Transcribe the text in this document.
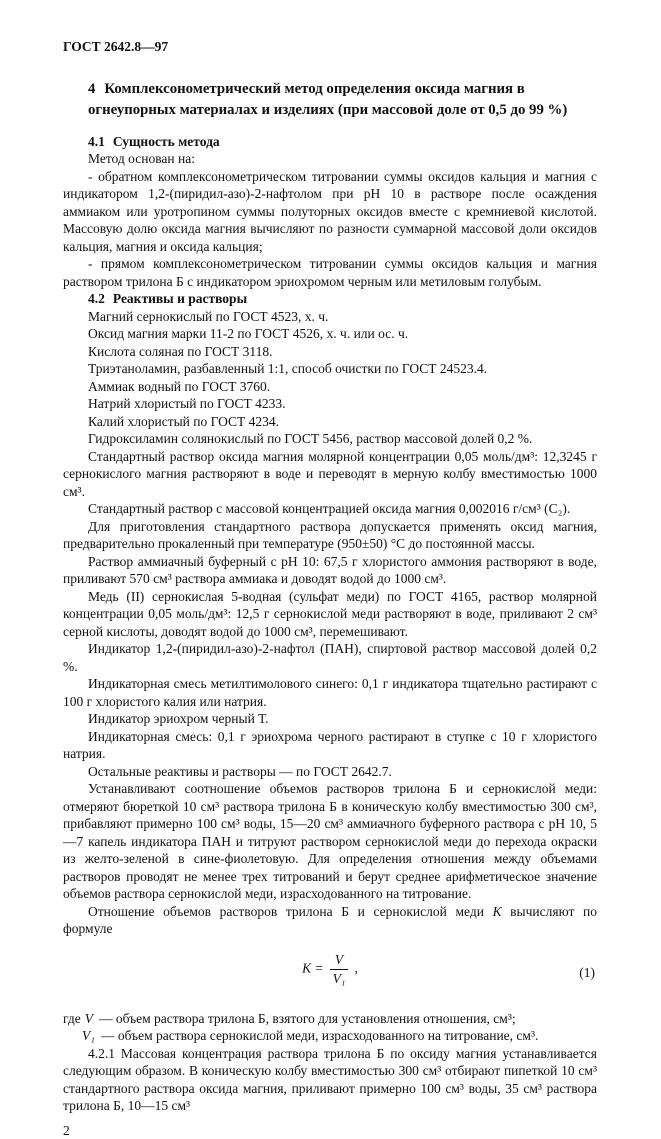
ГОСТ 2642.8—97
4 Комплексонометрический метод определения оксида магния в огнеупорных материалах и изделиях (при массовой доле от 0,5 до 99 %)

4.1 Сущность метода

Метод основан на:

- обратном комплексонометрическом титровании суммы оксидов кальция и магния с индикатором 1,2-(пиридил-азо)-2-нафтолом при рН 10 в растворе после осаждения аммиаком или уротропином суммы полуторных оксидов вместе с кремниевой кислотой. Массовую долю оксида магния вычисляют по разности суммарной массовой доли оксидов кальция, магния и оксида кальция;

- прямом комплексонометрическом титровании суммы оксидов кальция и магния раствором трилона Б с индикатором эриохромом черным или метиловым голубым.

4.2 Реактивы и растворы

Магний сернокислый по ГОСТ 4523, х. ч.

Оксид магния марки 11-2 по ГОСТ 4526, х. ч. или ос. ч.

Кислота соляная по ГОСТ 3118.

Триэтаноламин, разбавленный 1:1, способ очистки по ГОСТ 24523.4.

Аммиак водный по ГОСТ 3760.

Натрий хлористый по ГОСТ 4233.

Калий хлористый по ГОСТ 4234.

Гидроксиламин солянокислый по ГОСТ 5456, раствор массовой долей 0,2 %.

Стандартный раствор оксида магния молярной концентрации 0,05 моль/дм³: 12,3245 г сернокислого магния растворяют в воде и переводят в мерную колбу вместимостью 1000 см³.

Стандартный раствор с массовой концентрацией оксида магния 0,002016 г/см³ (С₂).

Для приготовления стандартного раствора допускается применять оксид магния, предварительно прокаленный при температуре (950±50) °С до постоянной массы.

Раствор аммиачный буферный с рН 10: 67,5 г хлористого аммония растворяют в воде, приливают 570 см³ раствора аммиака и доводят водой до 1000 см³.

Медь (II) сернокислая 5-водная (сульфат меди) по ГОСТ 4165, раствор молярной концентрации 0,05 моль/дм³: 12,5 г сернокислой меди растворяют в воде, приливают 2 см³ серной кислоты, доводят водой до 1000 см³, перемешивают.

Индикатор 1,2-(пиридил-азо)-2-нафтол (ПАН), спиртовой раствор массовой долей 0,2 %.

Индикаторная смесь метилтимолового синего: 0,1 г индикатора тщательно растирают с 100 г хлористого калия или натрия.

Индикатор эриохром черный Т.

Индикаторная смесь: 0,1 г эриохрома черного растирают в ступке с 10 г хлористого натрия.

Остальные реактивы и растворы — по ГОСТ 2642.7.

Устанавливают соотношение объемов растворов трилона Б и сернокислой меди: отмеряют бюреткой 10 см³ раствора трилона Б в коническую колбу вместимостью 300 см³, прибавляют примерно 100 см³ воды, 15—20 см³ аммиачного буферного раствора с рН 10, 5—7 капель индикатора ПАН и титруют раствором сернокислой меди до перехода окраски из желто-зеленой в сине-фиолетовую. Для определения отношения между объемами растворов проводят не менее трех титрований и берут среднее арифметическое значение объемов раствора сернокислой меди, израсходованного на титрование.

Отношение объемов растворов трилона Б и сернокислой меди К вычисляют по формуле

$К = \frac{V}{\text{V₁}}$ ,	(1)

где V — объем раствора трилона Б, взятого для установления отношения, см³;

V₁ — объем раствора сернокислой меди, израсходованного на титрование, см³.

4.2.1 Массовая концентрация раствора трилона Б по оксиду магния устанавливается следующим образом. В коническую колбу вместимостью 300 см³ отбирают пипеткой 10 см³ стандартного раствора оксида магния, приливают примерно 100 см³ воды, 35 см³ раствора трилона Б, 10—15 см³

2
